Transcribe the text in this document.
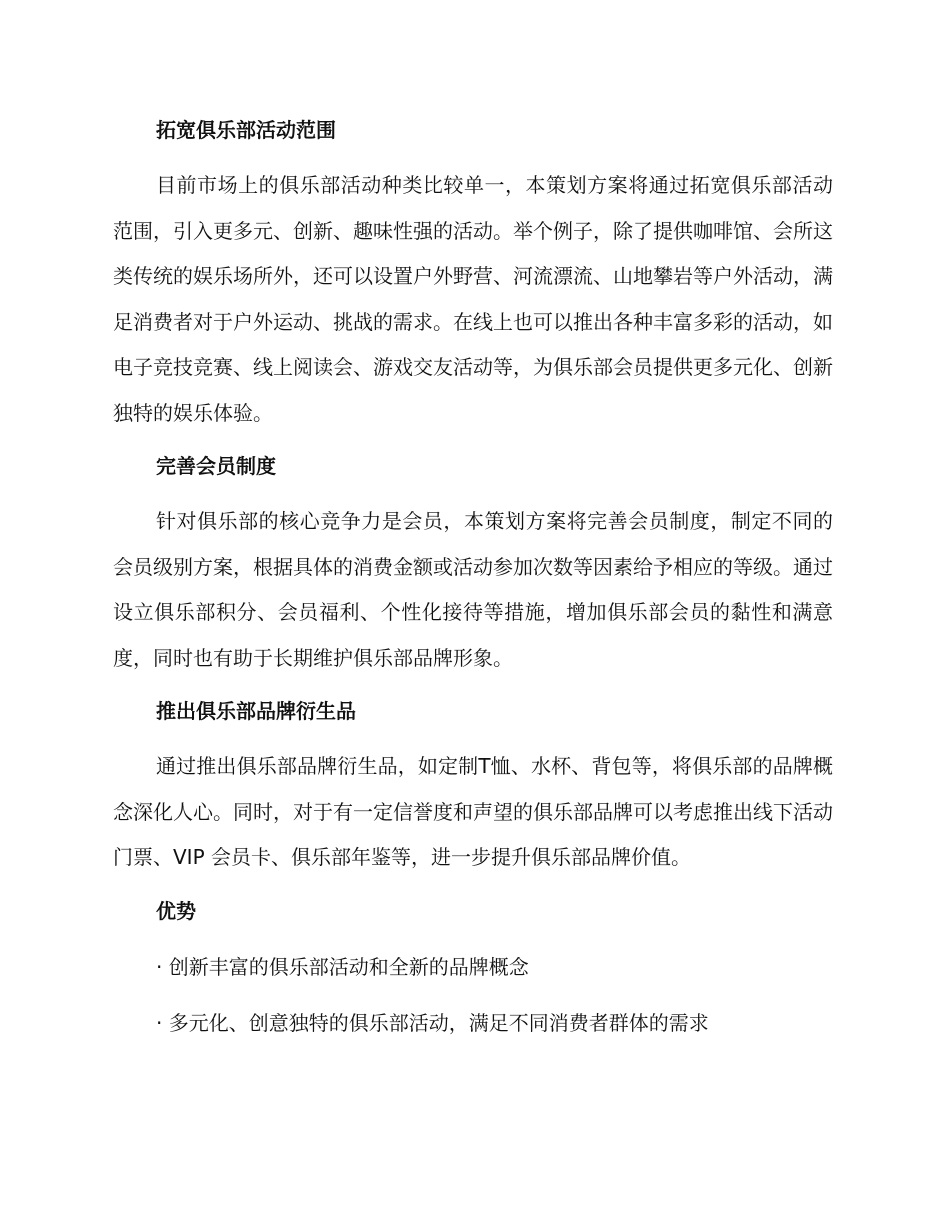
拓宽俱乐部活动范围

目前市场上的俱乐部活动种类比较单一，本策划方案将通过拓宽俱乐部活动范围，引入更多元、创新、趣味性强的活动。举个例子，除了提供咖啡馆、会所这类传统的娱乐场所外，还可以设置户外野营、河流漂流、山地攀岩等户外活动，满足消费者对于户外运动、挑战的需求。在线上也可以推出各种丰富多彩的活动，如电子竞技竞赛、线上阅读会、游戏交友活动等，为俱乐部会员提供更多元化、创新独特的娱乐体验。

完善会员制度

针对俱乐部的核心竞争力是会员，本策划方案将完善会员制度，制定不同的会员级别方案，根据具体的消费金额或活动参加次数等因素给予相应的等级。通过设立俱乐部积分、会员福利、个性化接待等措施，增加俱乐部会员的黏性和满意度，同时也有助于长期维护俱乐部品牌形象。

推出俱乐部品牌衍生品

通过推出俱乐部品牌衍生品，如定制T恤、水杯、背包等，将俱乐部的品牌概念深化人心。同时，对于有一定信誉度和声望的俱乐部品牌可以考虑推出线下活动门票、VIP 会员卡、俱乐部年鉴等，进一步提升俱乐部品牌价值。

优势

· 创新丰富的俱乐部活动和全新的品牌概念

· 多元化、创意独特的俱乐部活动，满足不同消费者群体的需求
